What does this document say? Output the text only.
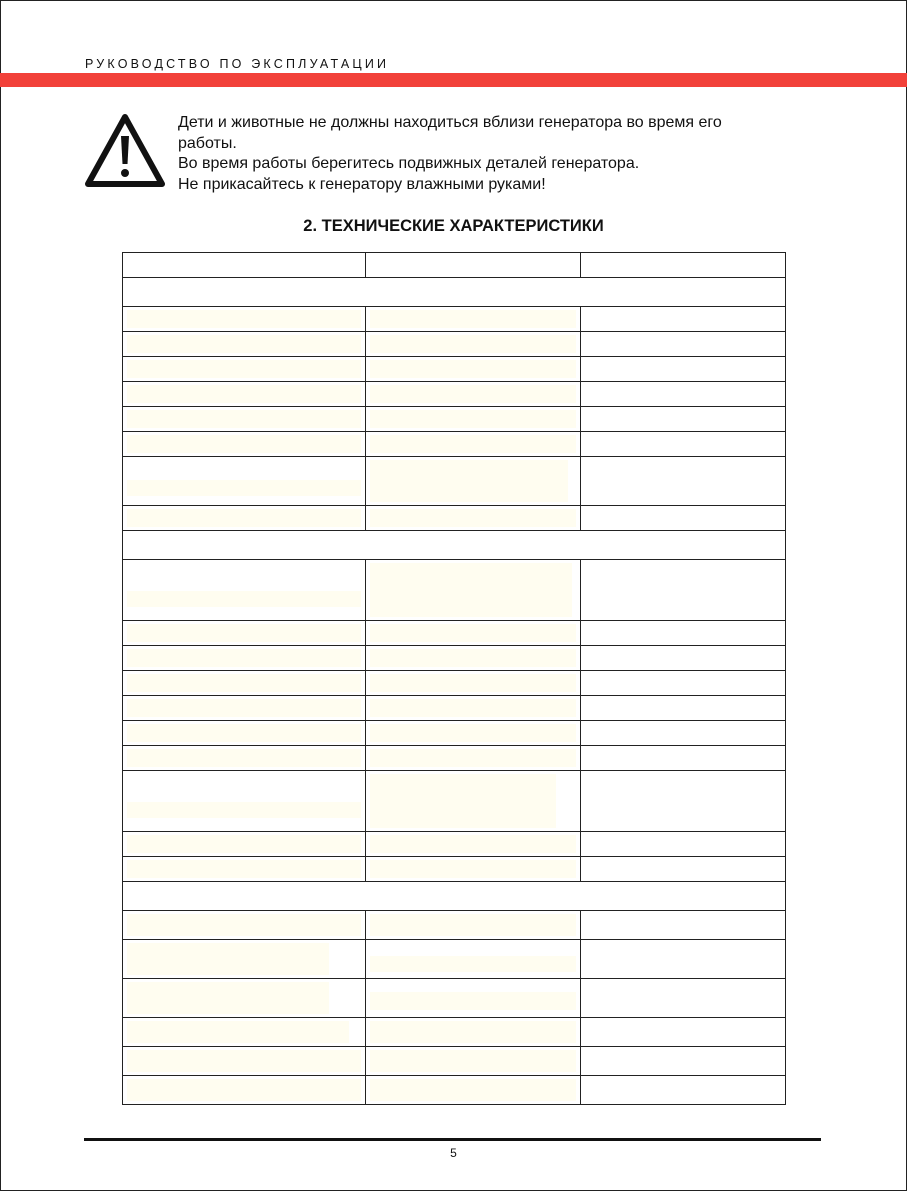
РУКОВОДСТВО ПО ЭКСПЛУАТАЦИИ
Дети и животные не должны находиться вблизи генератора во время его
работы.
Во время работы берегитесь подвижных деталей генератора.
Не прикасайтесь к генератору влажными руками!
2. ТЕХНИЧЕСКИЕ ХАРАКТЕРИСТИКИ

5
